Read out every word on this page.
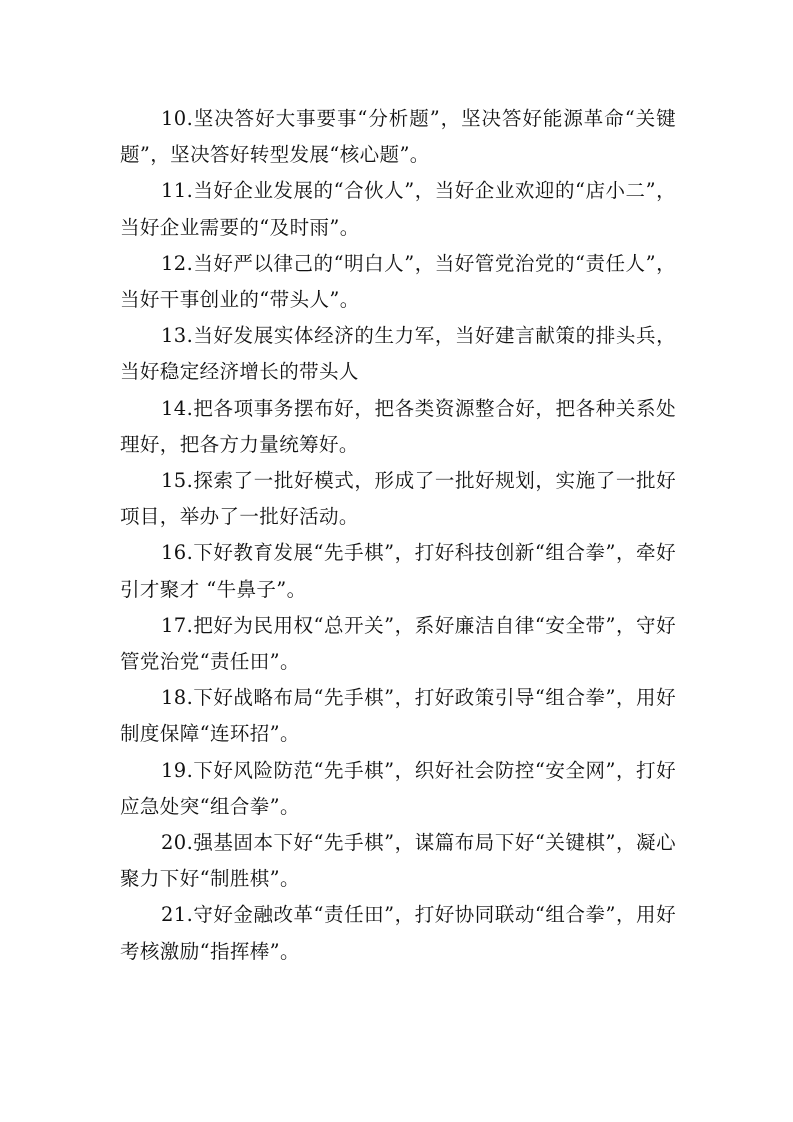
10.坚决答好大事要事“分析题”，坚决答好能源革命“关键题”，坚决答好转型发展“核心题”。

11.当好企业发展的“合伙人”，当好企业欢迎的“店小二”，当好企业需要的“及时雨”。

12.当好严以律己的“明白人”，当好管党治党的“责任人”，当好干事创业的“带头人”。

13.当好发展实体经济的生力军，当好建言献策的排头兵，当好稳定经济增长的带头人

14.把各项事务摆布好，把各类资源整合好，把各种关系处理好，把各方力量统筹好。

15.探索了一批好模式，形成了一批好规划，实施了一批好项目，举办了一批好活动。

16.下好教育发展“先手棋”，打好科技创新“组合拳”，牵好引才聚才 “牛鼻子”。

17.把好为民用权“总开关”，系好廉洁自律“安全带”，守好管党治党“责任田”。

18.下好战略布局“先手棋”，打好政策引导“组合拳”，用好制度保障“连环招”。

19.下好风险防范“先手棋”，织好社会防控“安全网”，打好应急处突“组合拳”。

20.强基固本下好“先手棋”，谋篇布局下好“关键棋”，凝心聚力下好“制胜棋”。

21.守好金融改革“责任田”，打好协同联动“组合拳”，用好考核激励“指挥棒”。
